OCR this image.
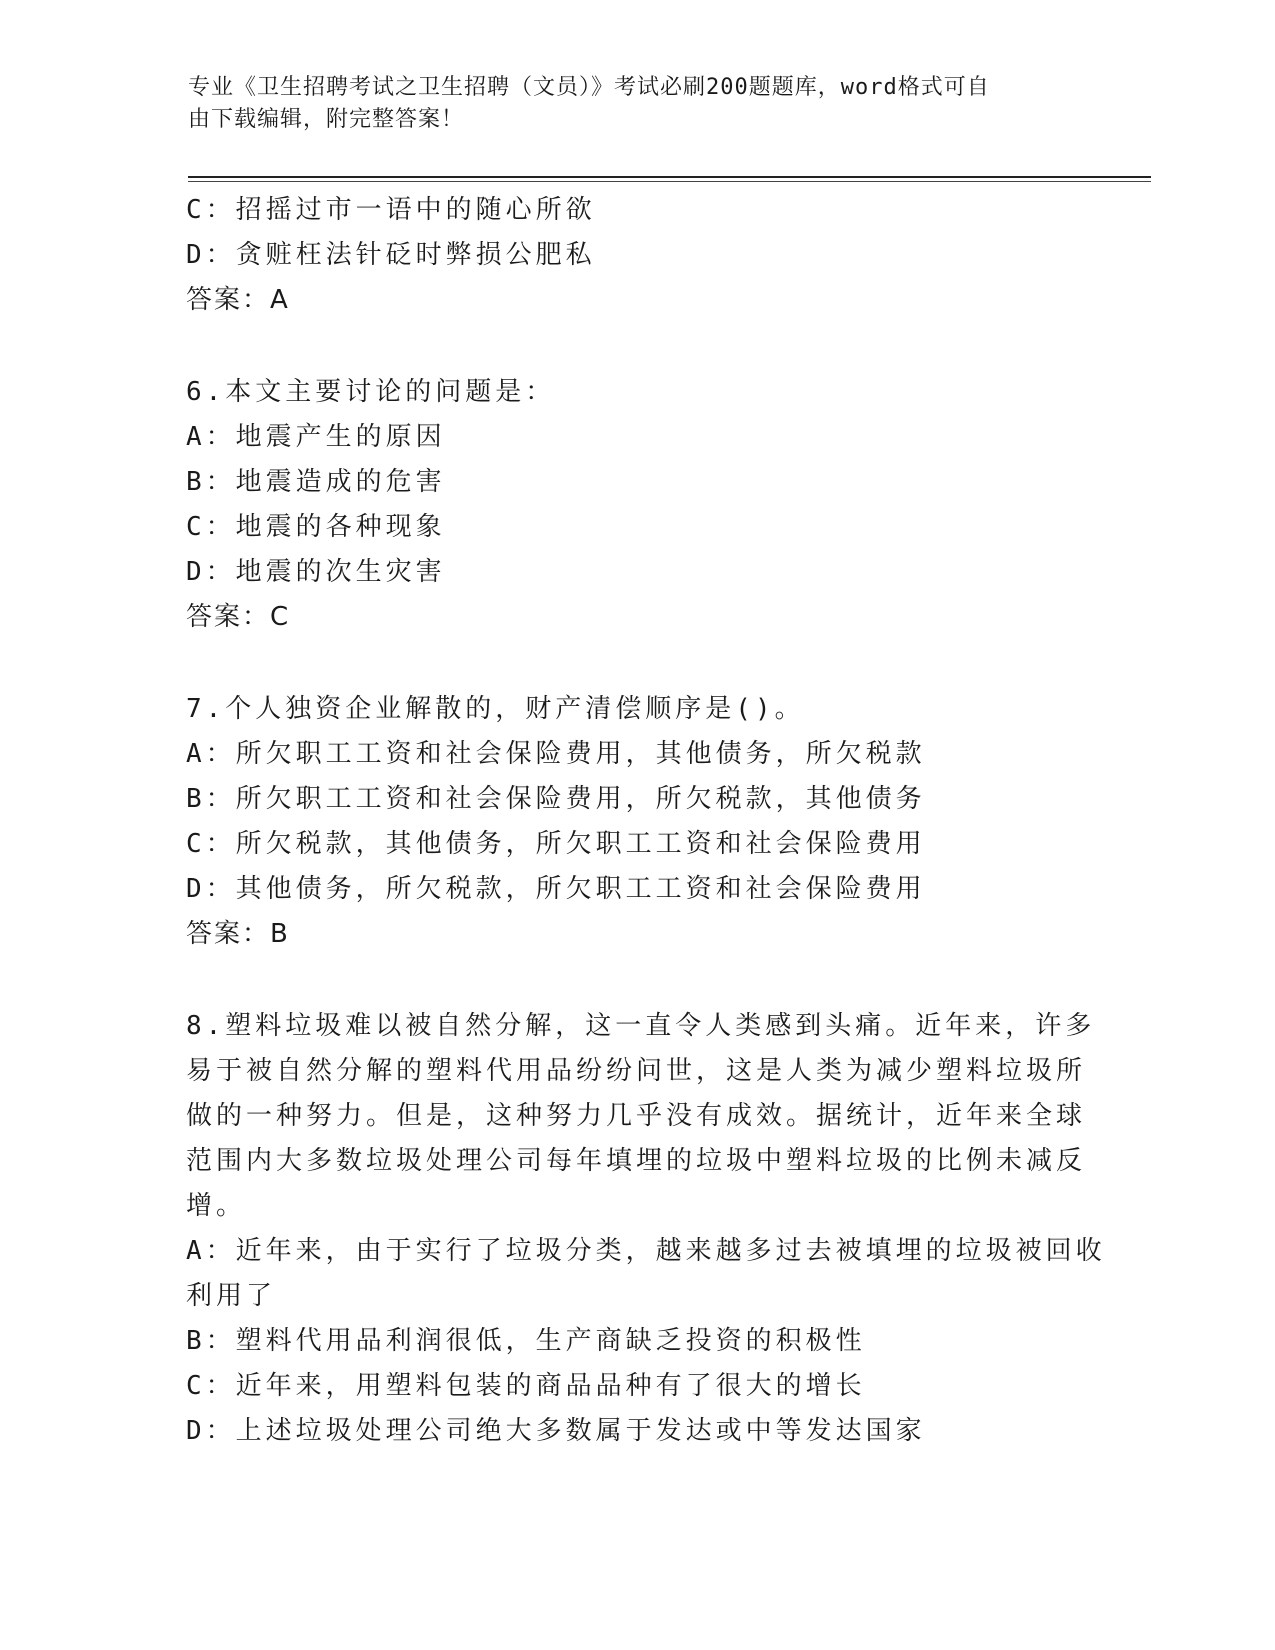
专业《卫生招聘考试之卫生招聘（文员）》考试必刷200题题库，word格式可自
由下载编辑，附完整答案！
C：招摇过市一语中的随心所欲
D：贪赃枉法针砭时弊损公肥私
答案：A
6.本文主要讨论的问题是：
A：地震产生的原因
B：地震造成的危害
C：地震的各种现象
D：地震的次生灾害
答案：C
7.个人独资企业解散的，财产清偿顺序是()。
A：所欠职工工资和社会保险费用，其他债务，所欠税款
B：所欠职工工资和社会保险费用，所欠税款，其他债务
C：所欠税款，其他债务，所欠职工工资和社会保险费用
D：其他债务，所欠税款，所欠职工工资和社会保险费用
答案：B
8.塑料垃圾难以被自然分解，这一直令人类感到头痛。近年来，许多
易于被自然分解的塑料代用品纷纷问世，这是人类为减少塑料垃圾所
做的一种努力。但是，这种努力几乎没有成效。据统计，近年来全球
范围内大多数垃圾处理公司每年填埋的垃圾中塑料垃圾的比例未减反
增。
A：近年来，由于实行了垃圾分类，越来越多过去被填埋的垃圾被回收
利用了
B：塑料代用品利润很低，生产商缺乏投资的积极性
C：近年来，用塑料包装的商品品种有了很大的增长
D：上述垃圾处理公司绝大多数属于发达或中等发达国家
